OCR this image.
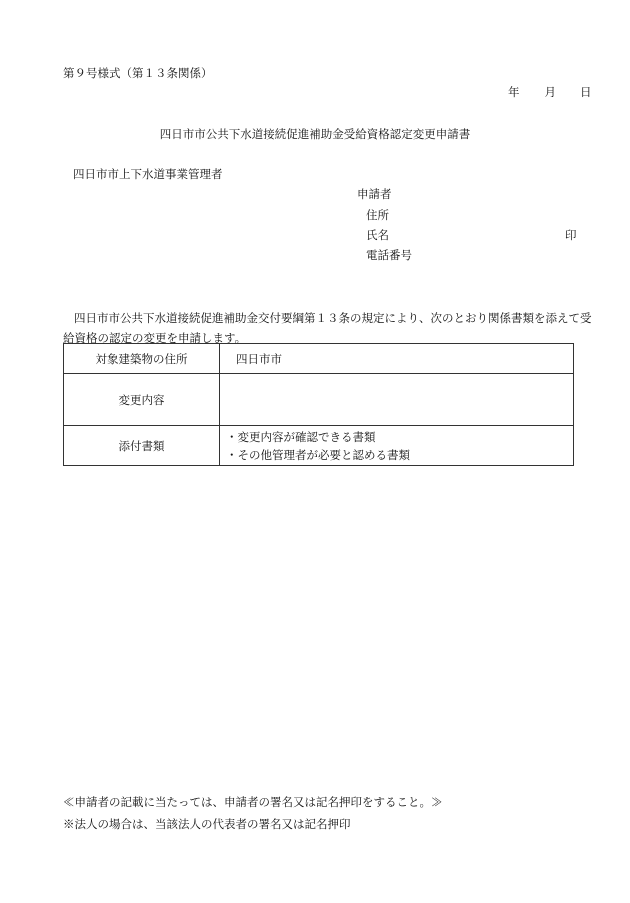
第９号様式（第１３条関係）
年 月 日
四日市市公共下水道接続促進補助金受給資格認定変更申請書
四日市市上下水道事業管理者
申請者
住所
氏名	印
電話番号
四日市市公共下水道接続促進補助金交付要綱第１３条の規定により、次のとおり関係書類を添えて受給資格の認定の変更を申請します。
対象建築物の住所	四日市市
変更内容	
添付書類	・変更内容が確認できる書類
・その他管理者が必要と認める書類
≪申請者の記載に当たっては、申請者の署名又は記名押印をすること。≫
※法人の場合は、当該法人の代表者の署名又は記名押印
